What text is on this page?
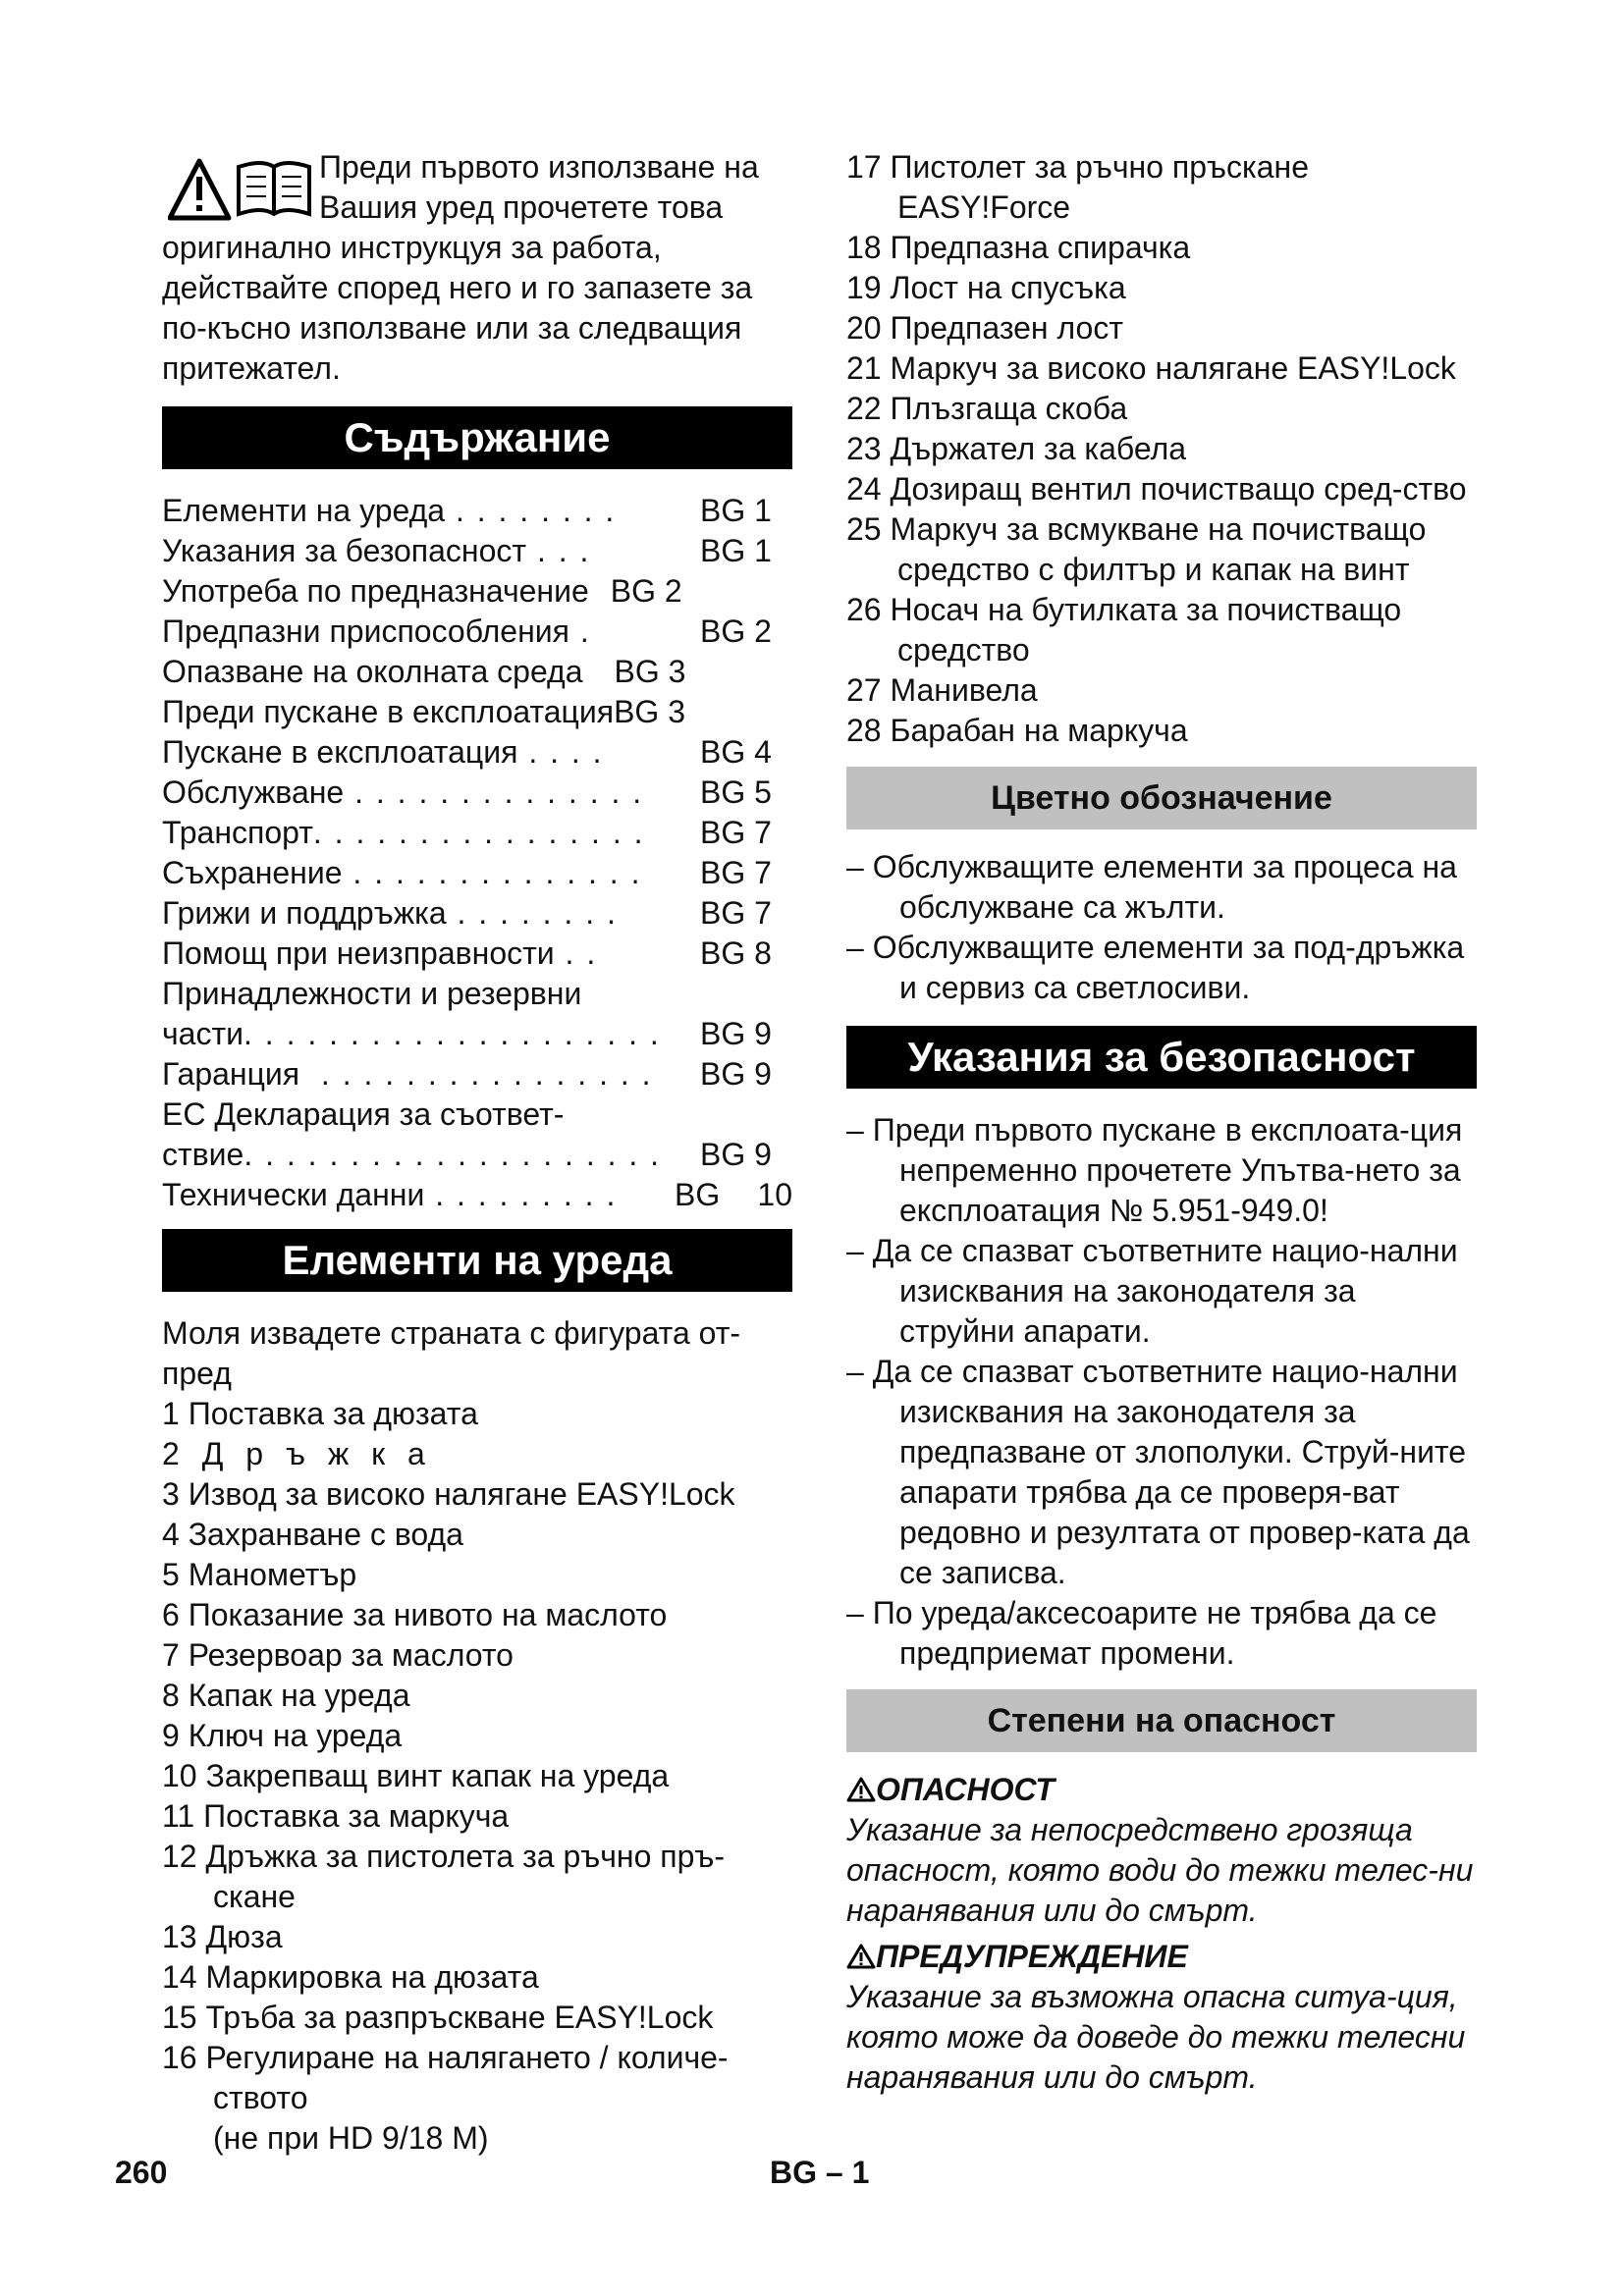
Преди първото използване на
Вашия уред прочетете това
оригинално инструкцуя за работа,
действайте според него и го запазете за
по-късно използване или за следващия
притежател.
Съдържание
Елементи на уреда . . . . . . . .	BG 1
Указания за безопасност . . .	BG 1
Употреба по предназначение BG 2
Предпазни приспособления .	BG 2
Опазване на околната среда	BG 3
Преди пускане в експлоатация BG 3
Пускане в експлоатация . . . .	BG 4
Обслужване . . . . . . . . . . . . . .	BG 5
Транспорт . . . . . . . . . . . . . . . .	BG 7
Съхранение . . . . . . . . . . . . . .	BG 7
Грижи и поддръжка . . . . . . . .	BG 7
Помощ при неизправности . .	BG 8
Принадлежности и резервни
части . . . . . . . . . . . . . . . . . . . .	BG 9
Гаранция . . . . . . . . . . . . . . . .	BG 9
ЕС Декларация за съответ-
ствие . . . . . . . . . . . . . . . . . . . .	BG 9
Технически данни . . . . . . . . .	BG	10
Елементи на уреда
Моля извадете страната с фигурата от-пред
1 Поставка за дюзата
2 Д р ъ ж к а
3 Извод за високо налягане EASY!Lock
4 Захранване с вода
5 Манометър
6 Показание за нивото на маслото
7 Резервоар за маслото
8 Капак на уреда
9 Ключ на уреда
10 Закрепващ винт капак на уреда
11 Поставка за маркуча
12 Дръжка за пистолета за ръчно пръ-скане
13 Дюза
14 Маркировка на дюзата
15 Тръба за разпръскване EASY!Lock
16 Регулиране на налягането / количе-ството
(не при HD 9/18 M)
17 Пистолет за ръчно пръскане EASY!Force
18 Предпазна спирачка
19 Лост на спусъка
20 Предпазен лост
21 Маркуч за високо налягане EASY!Lock
22 Плъзгаща скоба
23 Държател за кабела
24 Дозиращ вентил почистващо сред-ство
25 Маркуч за всмукване на почистващо средство с филтър и капак на винт
26 Носач на бутилката за почистващо средство
27 Манивела
28 Барабан на маркуча
Цветно обозначение
– Обслужващите елементи за процеса на обслужване са жълти.
– Обслужващите елементи за под-дръжка и сервиз са светлосиви.
Указания за безопасност
– Преди първото пускане в експлоата-ция непременно прочетете Упътва-нето за експлоатация № 5.951-949.0!
– Да се спазват съответните нацио-нални изисквания на законодателя за струйни апарати.
– Да се спазват съответните нацио-нални изисквания на законодателя за предпазване от злополуки. Струй-ните апарати трябва да се проверя-ват редовно и резултата от провер-ката да се записва.
– По уреда/аксесоарите не трябва да се предприемат промени.
Степени на опасност
ОПАСНОСТ
Указание за непосредствено грозяща опасност, която води до тежки телес-ни наранявания или до смърт.
ПРЕДУПРЕЖДЕНИЕ
Указание за възможна опасна ситуа-ция, която може да доведе до тежки телесни наранявания или до смърт.
260	BG – 1
